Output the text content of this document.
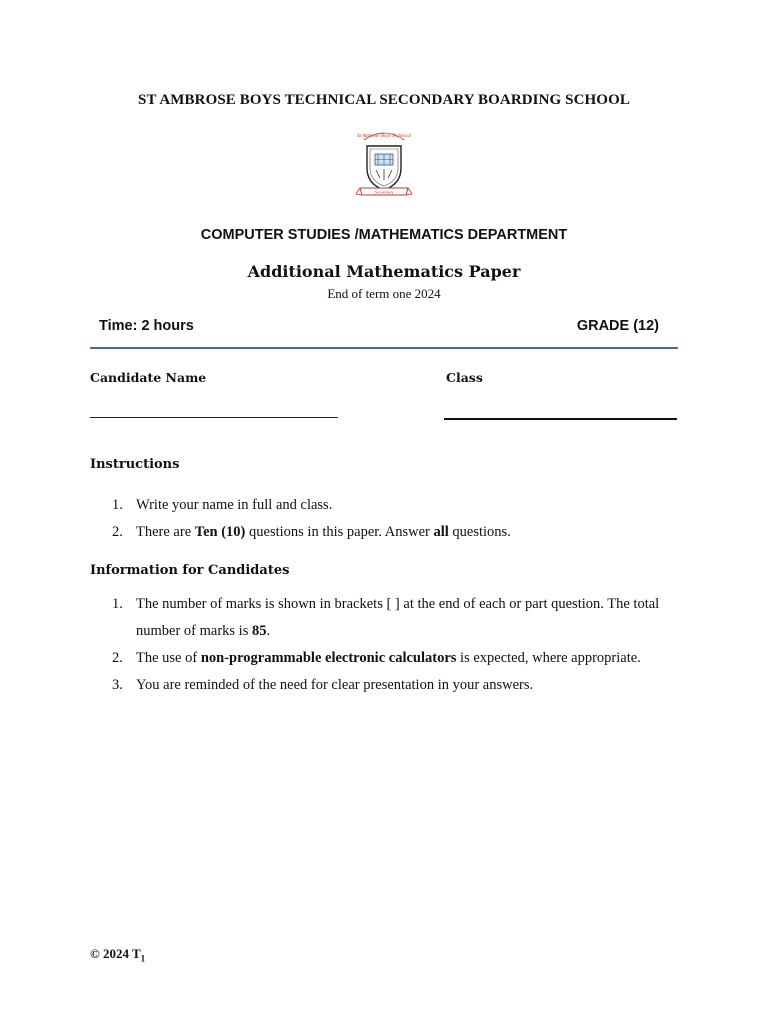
ST AMBROSE BOYS TECHNICAL SECONDARY BOARDING SCHOOL
St Ambrose Boys Technical
Secondary
COMPUTER STUDIES /MATHEMATICS DEPARTMENT
Additional Mathematics Paper
End of term one 2024
Time: 2 hours	GRADE (12)
Candidate Name	Class
Instructions
1. Write your name in full and class.
2. There are Ten (10) questions in this paper. Answer all questions.
Information for Candidates
1. The number of marks is shown in brackets [ ] at the end of each or part question. The total number of marks is 85.
2. The use of non-programmable electronic calculators is expected, where appropriate.
3. You are reminded of the need for clear presentation in your answers.
© 2024 $T_1$
